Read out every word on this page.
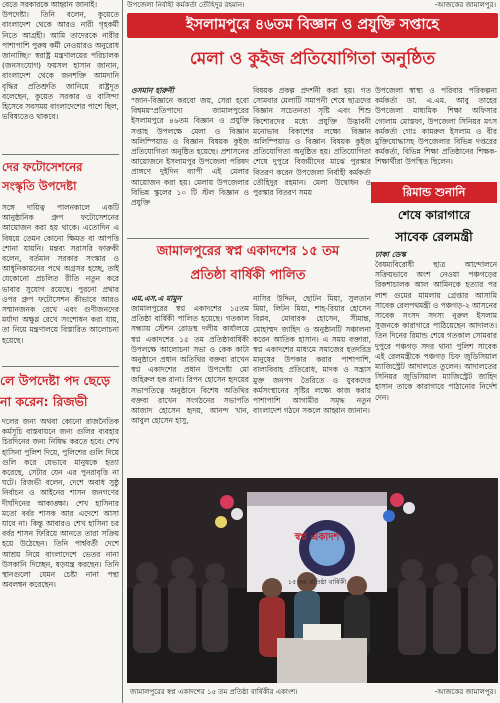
বেতে সরকারকে আহ্বান জানাই।

উপদেষ্টা। তিনি বলেন, কুয়েতে বাংলাদেশ থেকে আরও নারী গৃহকর্মী নিতে আগ্রহী। আমি তাদেরকে নারীর পাশাপাশি পুরুষ কর্মী নেওয়ারও অনুরোধ জানাচ্ছি।' স্বরাষ্ট্র মন্ত্রণালয়ের পরিচালক (জনসংযোগ) ফয়সল হাসান জানান, বাংলাদেশ থেকে জনশক্তি আমদানি বৃদ্ধির প্রতিশ্রুতি জানিয়ে রাষ্ট্রদূত বলেছেন, কুয়েত সরকার ও বাসিন্দা হিসেবে সবসময় বাংলাদেশের পাশে ছিল, ভবিষ্যতেও থাকবে।

দের ফটোসেশনের সংস্কৃতি উপদেষ্টা

সঙ্গে দায়িত্ব পালনকালে একটি আনুষ্ঠানিক গ্রুপ ফটোসেশনের আয়োজন করা হয় থাকে। এতোদিন এ বিষয়ে তেমন কোনো ক্ষিমত বা আপত্তি শোনা যায়নি। মন্তব্য সরাসরি ফারুকী বলেন, বর্তমান সরকার সংস্কার ও আধুনিকায়নের পথে অগ্রসর হচ্ছে, তাই যেকোনো প্রচলিত রীতি নতুন করে ভাবার সুযোগ রয়েছে। পুরনো প্রথার ওপর গ্রুপ ফটোসেশন কীভাবে আরও সম্মানজনক রেখে এবং গুণীজনদের মর্যাদা অক্ষুণ্ণ রেখে সংশোধন করা যায়, তা নিয়ে মন্ত্রণালয়ে বিস্তারিত আলোচনা হয়েছে।

লে উপদেষ্টা পদ ছেড়ে না করেন: রিজভী

দলের জন্য অথবা কোনো রাজনৈতিক কর্মসূচি বাস্তবায়নে জন্য গুলির ব্যবহার চিরদিনের জন্য নিষিদ্ধ করতে হবে। শেখ হাসিনা পুলিশ দিয়ে, পুলিশের গুলি দিয়ে গুলি করে যেভাবে মানুষকে হত্যা করেছে, সেটার যেন এর পুনরাবৃত্তি না ঘটে। রিজভী বলেন, দেশে অবাধ সুষ্ঠু নির্বাচন ও আইনের শাসন জনগণের দীর্ঘদিনের আকাঙ্ক্ষা। শেখ হাসিনার মতো বর্বর শাসক আর এদেশে আসা যাবে না। কিন্তু আবারও শেখ হাসিনা চর বর্বর শাসন ফিরিয়ে আনতে তারা সক্রিয় হয়ে উঠেছেন। তিনি পার্শ্ববর্তী দেশে আশ্রয় নিয়ে বাংলাদেশে ভেতর নানা উসকানি দিচ্ছেন, ষড়যন্ত্র করছেন। তিনি স্থানগুলো যেমন চেষ্টা নানা পন্থা অবলম্বন করেছেন।

উপজেলা নির্বাহী কর্মকর্তা তৌহিদুর রহমান।	-আজকের জামালপুর।
ইসলামপুরে ৪৬তম বিজ্ঞান ও প্রযুক্তি সপ্তাহে
মেলা ও কুইজ প্রতিযোগিতা অনুষ্ঠিত
ওসমান হারুনী

"জান-বিজ্ঞানে করবো জয়, সেরা হবো বিশ্বময়"প্রতিপাদ্যে জামালপুরের ইসলামপুরে ৪৬তম বিজ্ঞান ও প্রযুক্তি সপ্তাহ উপলক্ষে মেলা ও বিজ্ঞান অলিম্পিয়াড ও বিজ্ঞান বিষয়ক কুইজ প্রতিযোগিতা অনুষ্ঠিত হয়েছে। প্রশাসনের আয়োজনে ইসলামপুর উপজেলা পরিষদ প্রাঙ্গণে দুইদিন ব্যাপী এই মেলার আয়োজন করা হয়। মেলায় উপজেলার বিভিন্ন স্কুলের ১০ টি স্টল বিজ্ঞান ও প্রযুক্তি

বিষয়ক প্রকল্প প্রদর্শনী করা হয়। গত সোমবার মেলাটি সমাপনী শেষে ছাত্রদের বিজ্ঞান সচেতনতা সৃষ্টি এবং শিশু কিশোরদের মধ্যে প্রযুক্তি উদ্ভাবনী মনোভাব বিকাশের লক্ষ্যে বিজ্ঞান অলিম্পিয়াড ও বিজ্ঞান বিষয়ক কুইজ প্রতিযোগিতা অনুষ্ঠিত হয়। প্রতিযোগিতা শেষে দুপুরে বিজয়ীদের মাঝে পুরস্কার বিতরণ করেন উপজেলা নির্বাহী কর্মকর্তা তৌহিদুর রহমান। মেলা উদ্বোধন ও পুরস্কার বিতরণ সময়

উপজেলা স্বাস্থ্য ও পরিবার পরিকল্পনা কর্মকর্তা ডা. এ.এম. আবু তাহের উপজেলা মাধ্যমিক শিক্ষা অফিসার গোলাম মোস্তফা, উপজেলা সিনিয়র মৎস কর্মকর্তা গোঃ কামরুল ইসলাম ও বীর মুক্তিযোদ্ধাসহ উপজেলার বিভিন্ন দপ্তরের কর্মকর্তা, বিভিন্ন শিক্ষা প্রতিষ্ঠানের শিক্ষক-শিক্ষার্থীরা উপস্থিত ছিলেন।

রিমান্ড শুনানি
শেষে কারাগারে
সাবেক রেলমন্ত্রী
ঢাকা ডেস্ক

বৈষম্যবিরোধী ছাত্র আন্দোলনে সক্রিয়ভাবে অংশ নেওয়া পঞ্চগড়ের রিকশাচালক আল আমিনকে হত্যার পর লাশ গুমের মামলায় গ্রেপ্তার আসামি সাবেক রেলপথমন্ত্রী ও পঞ্চগড়-২ আসনের সাবেক সংসদ সদস্য নুরুল ইসলাম সুজনকে কারাগারে পাঠিয়েছেন আদালত। তিন দিনের রিমান্ড শেষে গতকাল সোমবার দুপুরে পঞ্চগড় সদর থানা পুলিশ সাবেক এই রেলমন্ত্রীকে পঞ্চগড় চিফ জুডিসিয়াল ম্যাজিস্ট্রেট আদালতে তুলেন। আদালতের সিনিয়র জুডিসিয়াল ম্যাজিস্ট্রেট জাহিদ হাসান তাকে কারাগারে পাঠানোর নির্দেশ দেন।

জামালপুরের স্বপ্ন একাদশের ১৫ তম
প্রতিষ্ঠা বার্ষিকী পালিত
এম.এস.এ মামুন

জামালপুরের স্বপ্ন একাদশের ১৫তম প্রতিষ্ঠা বার্ষিকী পালিত হয়েছে। গতকাল সন্ধ্যায় স্টেশন রোডস্থ দলীয় কার্যালয়ে স্বপ্ন একাদশের ১৫ তম প্রতিষ্ঠাবার্ষিকী উপলক্ষে আলোচনা সভা ও কেক কাটা অনুষ্ঠানে প্রধান অতিথির বক্তব্য রাখেন স্বপ্ন একাদশের প্রধান উপদেষ্টা মো জহিরুল হক রানা। রিপন হোসেন হৃদয়ের সভাপতিত্বে অনুষ্ঠানে বিশেষ অতিথির বক্তব্য রাখেন সংগঠনের সভাপতি আজাদ হোসেন হৃদয়, আনন্দ খান, আবুল হোসেন হাসু,

নাসির উদ্দিন, ছোটন মিয়া, সুলতান মিয়া, লিটন মিয়া, শাহ-রিয়ার হোসেন বিপ্লব, মোবারক হোসেন, সীমান্ত, মোহাম্মদ জাহিদ ও অনুষ্ঠানটি সঞ্চালনা করেন আতিক হাসান। এ সময় বক্তারা, স্বপ্ন একাদশের মাধ্যমে সমাজের হতদরিদ্র মানুষের উপকার করার পাশাপাশি, বাল্যবিবাহ প্রতিরোধ, মাদক ও সন্ত্রাস মুক্ত জনপদ তৈরিতে ও যুবকদের কর্মসংস্থানের সৃষ্টির লক্ষ্যে কাজ করার পাশাপাশি আগামীর সমৃদ্ধ নতুন বাংলাদেশ গঠনে সকলে আহ্বান জানান।

স্বপ্ন একাদশ
১৫ তম প্রতিষ্ঠা বার্ষিকী
জামালপুরের স্বপ্ন একাদশের ১৫ তম প্রতিষ্ঠা বার্ষিকীর একাংশ।	-আজকের জামালপুর।
